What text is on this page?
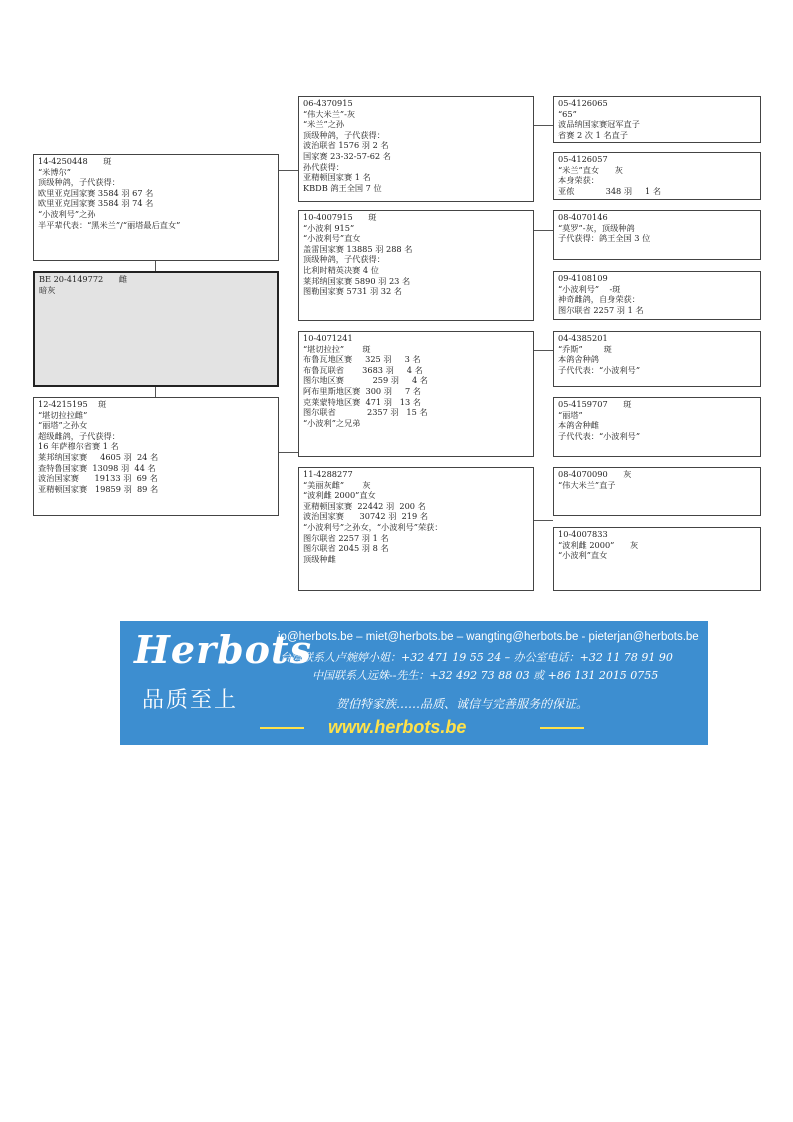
14-4250448      斑
“米博尔”
顶级种鸽，子代获得：
欧里亚克国家赛 3584 羽 67 名
欧里亚克国家赛 3584 羽 74 名
“小波利号”之孙
半平辈代表：“黑米兰”/“丽塔最后直女”
BE 20-4149772      雌
暗灰
12-4215195    斑
“堪切拉拉雌”
“丽塔”之孙女
超级雌鸽，子代获得：
16 年萨穆尔省赛 1 名
莱邦纳国家赛     4605 羽  24 名
查特鲁国家赛  13098 羽  44 名
波治国家赛      19133 羽  69 名
亚精顿国家赛   19859 羽  89 名
06-4370915
“伟大米兰”-灰
“米兰”之孙
顶级种鸽，子代获得：
波治联省 1576 羽 2 名
国家赛 23-32-57-62 名
孙代获得：
亚精顿国家赛 1 名
KBDB 鸽王全国 7 位
10-4007915      斑
“小波利 915”
“小波利号”直女
盖雷国家赛 13885 羽 288 名
顶级种鸽，子代获得：
比利时精英决赛 4 位
莱邦纳国家赛 5890 羽 23 名
图勒国家赛 5731 羽 32 名
10-4071241
“堪切拉拉”       斑
布鲁瓦地区赛     325 羽     3 名
布鲁瓦联省       3683 羽     4 名
图尔地区赛           259 羽     4 名
阿布里斯地区赛  300 羽     7 名
克莱蒙特地区赛  471 羽   13 名
图尔联省            2357 羽   15 名
“小波利”之兄弟
11-4288277
“美丽灰雌”       灰
“波利雌 2000”直女
亚精顿国家赛  22442 羽  200 名
波治国家赛      30742 羽  219 名
“小波利号”之孙女，“小波利号”荣获：
图尔联省 2257 羽 1 名
图尔联省 2045 羽 8 名
顶级种雌
05-4126065
“65”
波品纳国家赛冠军直子
省赛 2 次 1 名直子
05-4126057
“米兰”直女      灰
本身荣获：
亚侬            348 羽     1 名
08-4070146
“莫罗”-灰，顶级种鸽
子代获得：鸽王全国 3 位
09-4108109
“小波利号”    -斑
神奇雌鸽，自身荣获：
图尔联省 2257 羽 1 名
04-4385201
“乔斯”        斑
本鸽舍种鸽
子代代表：“小波利号”
05-4159707      斑
“丽塔”
本鸽舍种雌
子代代表：“小波利号”
08-4070090      灰
“伟大米兰”直子
10-4007833
“波利雌 2000”      灰
“小波利”直女
Herbots
品质至上
jo@herbots.be – miet@herbots.be – wangting@herbots.be - pieterjan@herbots.be
台湾联系人卢婉婷小姐：+32 471 19 55 24 – 办公室电话：+32 11 78 91 90
中国联系人远姝--先生：+32 492 73 88 03 或 +86 131 2015 0755
贺伯特家族……品质、诚信与完善服务的保证。
www.herbots.be
